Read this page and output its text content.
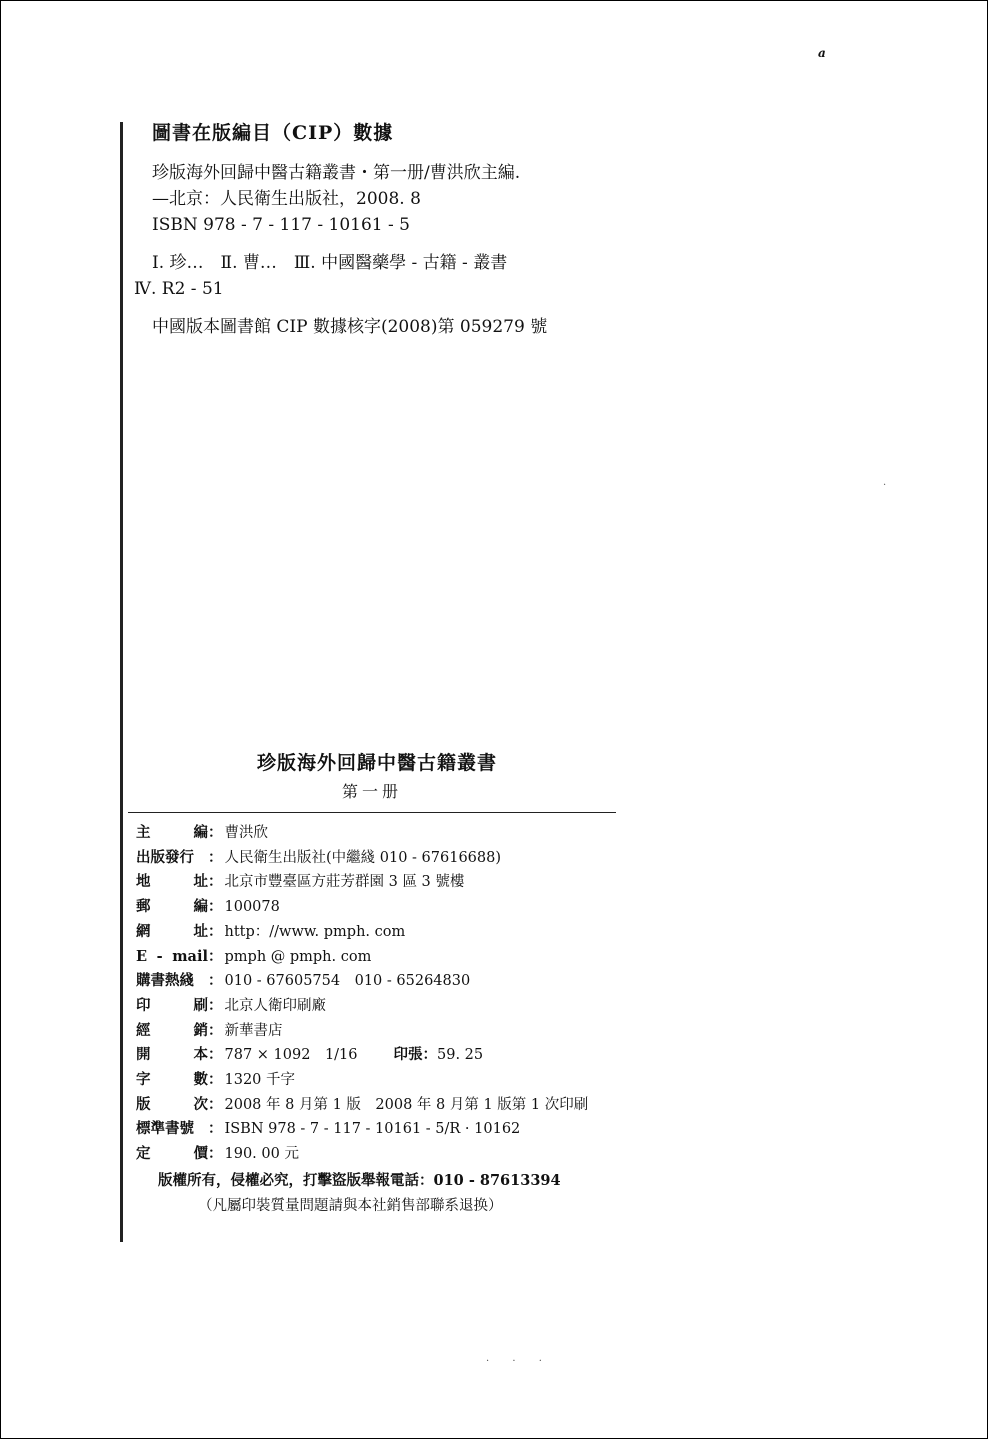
a
·
圖書在版編目（CIP）數據
珍版海外回歸中醫古籍叢書・第一册/曹洪欣主編.
—北京：人民衛生出版社，2008. 8
ISBN 978 - 7 - 117 - 10161 - 5
Ⅰ. 珍…　Ⅱ. 曹…　Ⅲ. 中國醫藥學 - 古籍 - 叢書
Ⅳ. R2 - 51
中國版本圖書館 CIP 數據核字(2008)第 059279 號
珍版海外回歸中醫古籍叢書
第一册
主	編 ： 曹洪欣
出版發行 ： 人民衛生出版社(中繼綫 010 - 67616688)
地	址 ： 北京市豐臺區方莊芳群園 3 區 3 號樓
郵	編 ： 100078
網	址 ： http：//www. pmph. com
E - mail ： pmph @ pmph. com
購書熱綫 ： 010 - 67605754　010 - 65264830
印	刷 ： 北京人衛印刷廠
經	銷 ： 新華書店
開	本 ： 787 × 1092　1/16 印張：59. 25
字	數 ： 1320 千字
版	次 ： 2008 年 8 月第 1 版　2008 年 8 月第 1 版第 1 次印刷
標準書號 ： ISBN 978 - 7 - 117 - 10161 - 5/R · 10162
定	價 ： 190. 00 元
版權所有，侵權必究，打擊盜版舉報電話：010 - 87613394
（凡屬印裝質量問題請與本社銷售部聯系退换）
· · ·
